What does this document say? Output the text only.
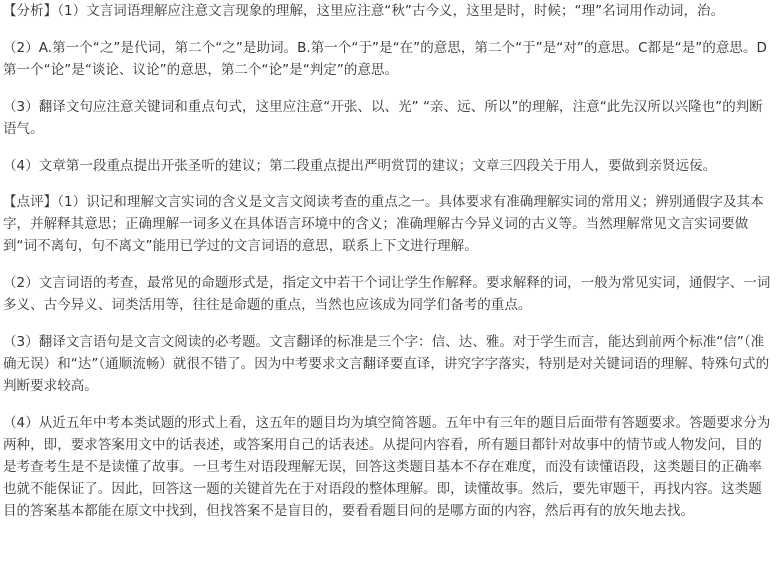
【分析】（1）文言词语理解应注意文言现象的理解，这里应注意“秋”古今义，这里是时，时候；“理”名词用作动词，治。

（2）A.第一个“之”是代词，第二个“之”是助词。B.第一个“于”是“在”的意思，第二个“于”是“对”的意思。C都是“是”的意思。D第一个“论”是“谈论、议论”的意思，第二个“论”是“判定”的意思。

（3）翻译文句应注意关键词和重点句式，这里应注意“开张、以、光” “亲、远、所以”的理解，注意“此先汉所以兴隆也”的判断语气。

（4）文章第一段重点提出开张圣听的建议；第二段重点提出严明赏罚的建议；文章三四段关于用人，要做到亲贤远佞。

【点评】（1）识记和理解文言实词的含义是文言文阅读考查的重点之一。具体要求有准确理解实词的常用义；辨别通假字及其本字，并解释其意思；正确理解一词多义在具体语言环境中的含义；准确理解古今异义词的古义等。当然理解常见文言实词要做到“词不离句，句不离文”能用已学过的文言词语的意思，联系上下文进行理解。

（2）文言词语的考查，最常见的命题形式是，指定文中若干个词让学生作解释。要求解释的词，一般为常见实词，通假字、一词多义、古今异义、词类活用等，往往是命题的重点，当然也应该成为同学们备考的重点。

（3）翻译文言语句是文言文阅读的必考题。文言翻译的标准是三个字：信、达、雅。对于学生而言，能达到前两个标准“信”（准确无误）和“达”（通顺流畅）就很不错了。因为中考要求文言翻译要直译，讲究字字落实，特别是对关键词语的理解、特殊句式的判断要求较高。

（4）从近五年中考本类试题的形式上看，这五年的题目均为填空简答题。五年中有三年的题目后面带有答题要求。答题要求分为两种，即，要求答案用文中的话表述，或答案用自己的话表述。从提问内容看，所有题目都针对故事中的情节或人物发问，目的是考查考生是不是读懂了故事。一旦考生对语段理解无误，回答这类题目基本不存在难度，而没有读懂语段，这类题目的正确率也就不能保证了。因此，回答这一题的关键首先在于对语段的整体理解。即，读懂故事。然后，要先审题干，再找内容。这类题目的答案基本都能在原文中找到，但找答案不是盲目的，要看看题目问的是哪方面的内容，然后再有的放矢地去找。
